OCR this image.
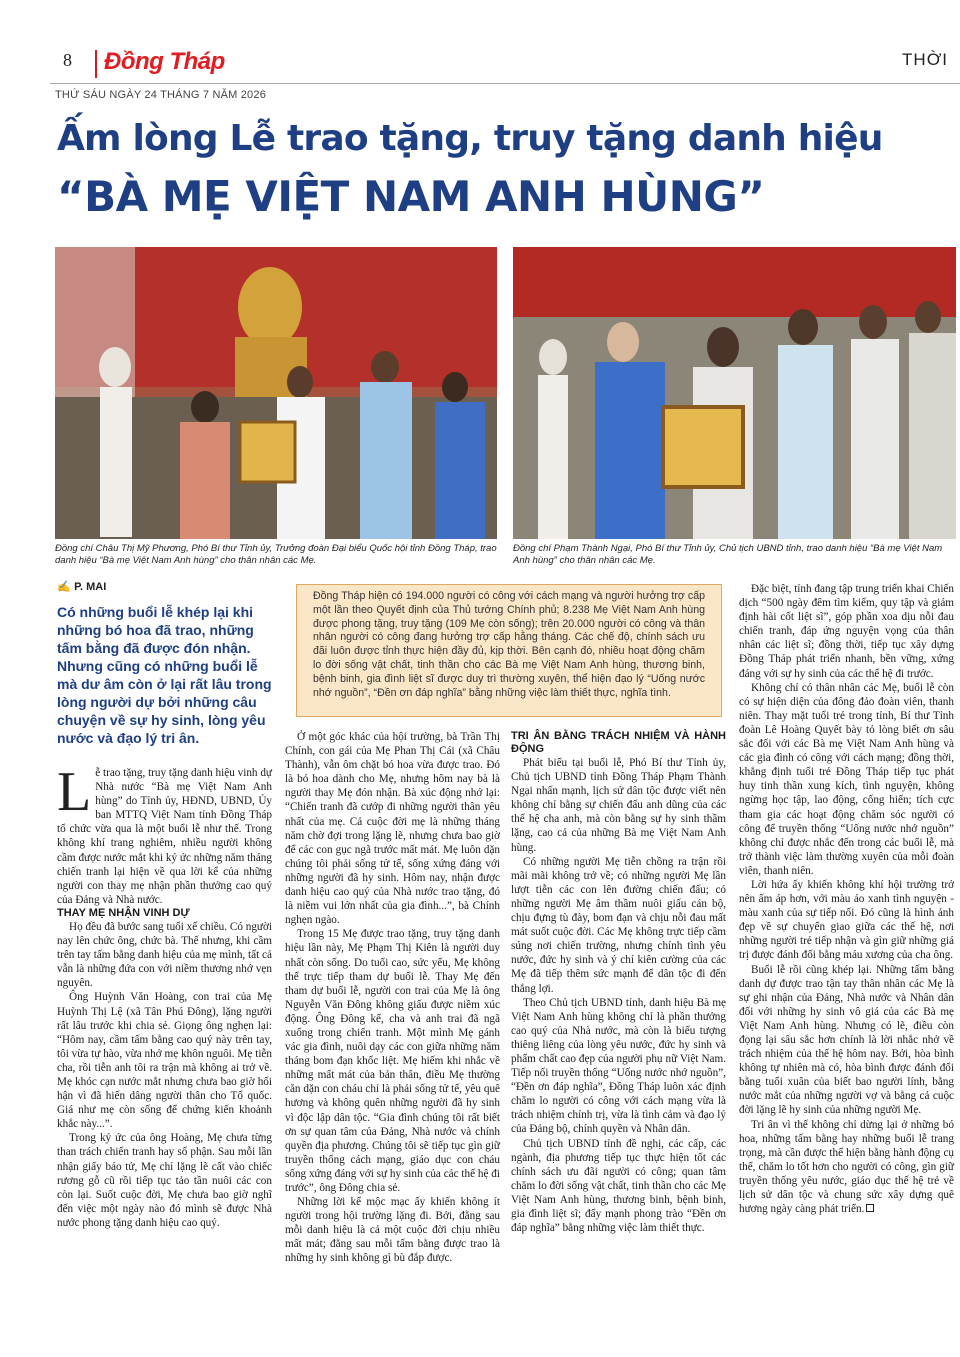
8 Đồng Tháp	THỜI
THỨ SÁU NGÀY 24 THÁNG 7 NĂM 2026
Ấm lòng Lễ trao tặng, truy tặng danh hiệu
“BÀ MẸ VIỆT NAM ANH HÙNG”
Đồng chí Châu Thị Mỹ Phương, Phó Bí thư Tỉnh ủy, Trưởng đoàn Đại biểu Quốc hội tỉnh Đồng Tháp, trao danh hiệu “Bà mẹ Việt Nam Anh hùng” cho thân nhân các Mẹ.
Đồng chí Phạm Thành Ngại, Phó Bí thư Tỉnh ủy, Chủ tịch UBND tỉnh, trao danh hiệu “Bà mẹ Việt Nam Anh hùng” cho thân nhân các Mẹ.
✍ P. MAI
Có những buổi lễ khép lại khi những bó hoa đã trao, những tấm bằng đã được đón nhận. Nhưng cũng có những buổi lễ mà dư âm còn ở lại rất lâu trong lòng người dự bởi những câu chuyện về sự hy sinh, lòng yêu nước và đạo lý tri ân.
Đồng Tháp hiện có 194.000 người có công với cách mạng và người hưởng trợ cấp một lần theo Quyết định của Thủ tướng Chính phủ; 8.238 Mẹ Việt Nam Anh hùng được phong tặng, truy tặng (109 Mẹ còn sống); trên 20.000 người có công và thân nhân người có công đang hưởng trợ cấp hằng tháng. Các chế độ, chính sách ưu đãi luôn được tỉnh thực hiện đầy đủ, kịp thời. Bên cạnh đó, nhiều hoạt động chăm lo đời sống vật chất, tinh thần cho các Bà mẹ Việt Nam Anh hùng, thương binh, bệnh binh, gia đình liệt sĩ được duy trì thường xuyên, thể hiện đạo lý “Uống nước nhớ nguồn”, “Đền ơn đáp nghĩa” bằng những việc làm thiết thực, nghĩa tình.

Lễ trao tặng, truy tặng danh hiệu vinh dự Nhà nước “Bà mẹ Việt Nam Anh hùng” do Tỉnh ủy, HĐND, UBND, Ủy ban MTTQ Việt Nam tỉnh Đồng Tháp tổ chức vừa qua là một buổi lễ như thế. Trong không khí trang nghiêm, nhiều người không cầm được nước mắt khi ký ức những năm tháng chiến tranh lại hiện về qua lời kể của những người con thay mẹ nhận phần thưởng cao quý của Đảng và Nhà nước.

THAY MẸ NHẬN VINH DỰ

Họ đều đã bước sang tuổi xế chiều. Có người nay lên chức ông, chức bà. Thế nhưng, khi cầm trên tay tấm bằng danh hiệu của mẹ mình, tất cả vẫn là những đứa con với niềm thương nhớ vẹn nguyên.

Ông Huỳnh Văn Hoàng, con trai của Mẹ Huỳnh Thị Lệ (xã Tân Phú Đông), lặng người rất lâu trước khi chia sẻ. Giọng ông nghẹn lại: “Hôm nay, cầm tấm bằng cao quý này trên tay, tôi vừa tự hào, vừa nhớ mẹ khôn nguôi. Mẹ tiễn cha, rồi tiễn anh tôi ra trận mà không ai trở về. Mẹ khóc cạn nước mắt nhưng chưa bao giờ hối hận vì đã hiến dâng người thân cho Tổ quốc. Giá như mẹ còn sống để chứng kiến khoảnh khắc này...”.

Trong ký ức của ông Hoàng, Mẹ chưa từng than trách chiến tranh hay số phận. Sau mỗi lần nhận giấy báo tử, Mẹ chỉ lặng lẽ cất vào chiếc rương gỗ cũ rồi tiếp tục tảo tần nuôi các con còn lại. Suốt cuộc đời, Mẹ chưa bao giờ nghĩ đến việc một ngày nào đó mình sẽ được Nhà nước phong tặng danh hiệu cao quý.

Ở một góc khác của hội trường, bà Trần Thị Chính, con gái của Mẹ Phan Thị Cái (xã Châu Thành), vẫn ôm chặt bó hoa vừa được trao. Đó là bó hoa dành cho Mẹ, nhưng hôm nay bà là người thay Mẹ đón nhận. Bà xúc động nhớ lại: “Chiến tranh đã cướp đi những người thân yêu nhất của mẹ. Cả cuộc đời mẹ là những tháng năm chờ đợi trong lặng lẽ, nhưng chưa bao giờ để các con gục ngã trước mất mát. Mẹ luôn dặn chúng tôi phải sống tử tế, sống xứng đáng với những người đã hy sinh. Hôm nay, nhận được danh hiệu cao quý của Nhà nước trao tặng, đó là niềm vui lớn nhất của gia đình...”, bà Chính nghẹn ngào.

Trong 15 Mẹ được trao tặng, truy tặng danh hiệu lần này, Mẹ Phạm Thị Kiên là người duy nhất còn sống. Do tuổi cao, sức yếu, Mẹ không thể trực tiếp tham dự buổi lễ. Thay Mẹ đến tham dự buổi lễ, người con trai của Mẹ là ông Nguyễn Văn Đông không giấu được niềm xúc động. Ông Đông kể, cha và anh trai đã ngã xuống trong chiến tranh. Một mình Mẹ gánh vác gia đình, nuôi dạy các con giữa những năm tháng bom đạn khốc liệt. Mẹ hiếm khi nhắc về những mất mát của bản thân, điều Mẹ thường căn dặn con cháu chỉ là phải sống tử tế, yêu quê hương và không quên những người đã hy sinh vì độc lập dân tộc. “Gia đình chúng tôi rất biết ơn sự quan tâm của Đảng, Nhà nước và chính quyền địa phương. Chúng tôi sẽ tiếp tục gìn giữ truyền thống cách mạng, giáo dục con cháu sống xứng đáng với sự hy sinh của các thế hệ đi trước”, ông Đông chia sẻ.

Những lời kể mộc mạc ấy khiến không ít người trong hội trường lặng đi. Bởi, đằng sau mỗi danh hiệu là cả một cuộc đời chịu nhiều mất mát; đằng sau mỗi tấm bằng được trao là những hy sinh không gì bù đắp được.

TRI ÂN BẰNG TRÁCH NHIỆM VÀ HÀNH ĐỘNG

Phát biểu tại buổi lễ, Phó Bí thư Tỉnh ủy, Chủ tịch UBND tỉnh Đồng Tháp Phạm Thành Ngại nhấn mạnh, lịch sử dân tộc được viết nên không chỉ bằng sự chiến đấu anh dũng của các thế hệ cha anh, mà còn bằng sự hy sinh thầm lặng, cao cả của những Bà mẹ Việt Nam Anh hùng.

Có những người Mẹ tiễn chồng ra trận rồi mãi mãi không trở về; có những người Mẹ lần lượt tiễn các con lên đường chiến đấu; có những người Mẹ âm thầm nuôi giấu cán bộ, chịu đựng tù đày, bom đạn và chịu nỗi đau mất mát suốt cuộc đời. Các Mẹ không trực tiếp cầm súng nơi chiến trường, nhưng chính tình yêu nước, đức hy sinh và ý chí kiên cường của các Mẹ đã tiếp thêm sức mạnh để dân tộc đi đến thắng lợi.

Theo Chủ tịch UBND tỉnh, danh hiệu Bà mẹ Việt Nam Anh hùng không chỉ là phần thưởng cao quý của Nhà nước, mà còn là biểu tượng thiêng liêng của lòng yêu nước, đức hy sinh và phẩm chất cao đẹp của người phụ nữ Việt Nam. Tiếp nối truyền thống “Uống nước nhớ nguồn”, “Đền ơn đáp nghĩa”, Đồng Tháp luôn xác định chăm lo người có công với cách mạng vừa là trách nhiệm chính trị, vừa là tình cảm và đạo lý của Đảng bộ, chính quyền và Nhân dân.

Chủ tịch UBND tỉnh đề nghị, các cấp, các ngành, địa phương tiếp tục thực hiện tốt các chính sách ưu đãi người có công; quan tâm chăm lo đời sống vật chất, tinh thần cho các Mẹ Việt Nam Anh hùng, thương binh, bệnh binh, gia đình liệt sĩ; đẩy mạnh phong trào “Đền ơn đáp nghĩa” bằng những việc làm thiết thực.

Đặc biệt, tỉnh đang tập trung triển khai Chiến dịch “500 ngày đêm tìm kiếm, quy tập và giám định hài cốt liệt sĩ”, góp phần xoa dịu nỗi đau chiến tranh, đáp ứng nguyện vọng của thân nhân các liệt sĩ; đồng thời, tiếp tục xây dựng Đồng Tháp phát triển nhanh, bền vững, xứng đáng với sự hy sinh của các thế hệ đi trước.

Không chỉ có thân nhân các Mẹ, buổi lễ còn có sự hiện diện của đông đảo đoàn viên, thanh niên. Thay mặt tuổi trẻ trong tỉnh, Bí thư Tỉnh đoàn Lê Hoàng Quyết bày tỏ lòng biết ơn sâu sắc đối với các Bà mẹ Việt Nam Anh hùng và các gia đình có công với cách mạng; đồng thời, khẳng định tuổi trẻ Đồng Tháp tiếp tục phát huy tinh thần xung kích, tình nguyện, không ngừng học tập, lao động, cống hiến; tích cực tham gia các hoạt động chăm sóc người có công để truyền thống “Uống nước nhớ nguồn” không chỉ được nhắc đến trong các buổi lễ, mà trở thành việc làm thường xuyên của mỗi đoàn viên, thanh niên.

Lời hứa ấy khiến không khí hội trường trở nên ấm áp hơn, với màu áo xanh tình nguyện - màu xanh của sự tiếp nối. Đó cũng là hình ảnh đẹp về sự chuyển giao giữa các thế hệ, nơi những người trẻ tiếp nhận và gìn giữ những giá trị được đánh đổi bằng máu xương của cha ông.

Buổi lễ rồi cũng khép lại. Những tấm bằng danh dự được trao tận tay thân nhân các Mẹ là sự ghi nhận của Đảng, Nhà nước và Nhân dân đối với những hy sinh vô giá của các Bà mẹ Việt Nam Anh hùng. Nhưng có lẽ, điều còn đọng lại sâu sắc hơn chính là lời nhắc nhở về trách nhiệm của thế hệ hôm nay. Bởi, hòa bình không tự nhiên mà có, hòa bình được đánh đổi bằng tuổi xuân của biết bao người lính, bằng nước mắt của những người vợ và bằng cả cuộc đời lặng lẽ hy sinh của những người Mẹ.

Tri ân vì thế không chỉ dừng lại ở những bó hoa, những tấm bằng hay những buổi lễ trang trọng, mà cần được thể hiện bằng hành động cụ thể, chăm lo tốt hơn cho người có công, gìn giữ truyền thống yêu nước, giáo dục thế hệ trẻ về lịch sử dân tộc và chung sức xây dựng quê hương ngày càng phát triển.
